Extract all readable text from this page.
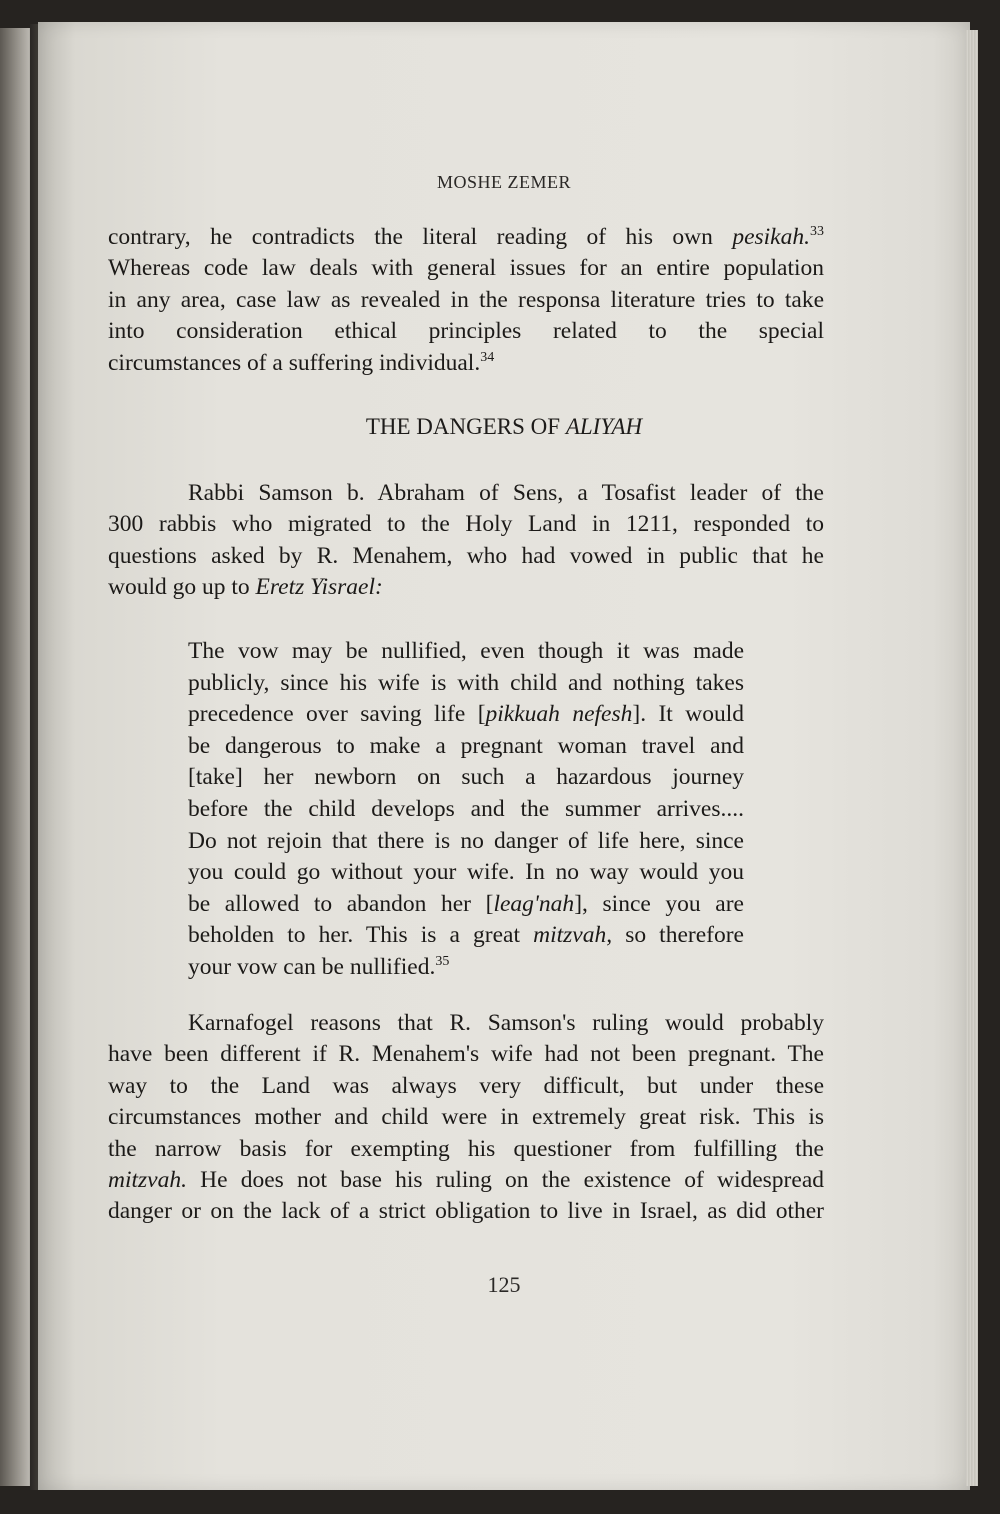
MOSHE ZEMER
contrary, he contradicts the literal reading of his own pesikah.$^{33}$
Whereas code law deals with general issues for an entire population
in any area, case law as revealed in the responsa literature tries to take
into consideration ethical principles related to the special
circumstances of a suffering individual.$^{34}$
THE DANGERS OF ALIYAH
Rabbi Samson b. Abraham of Sens, a Tosafist leader of the
300 rabbis who migrated to the Holy Land in 1211, responded to
questions asked by R. Menahem, who had vowed in public that he
would go up to Eretz Yisrael:
The vow may be nullified, even though it was made
publicly, since his wife is with child and nothing takes
precedence over saving life [pikkuah nefesh]. It would
be dangerous to make a pregnant woman travel and
[take] her newborn on such a hazardous journey
before the child develops and the summer arrives....
Do not rejoin that there is no danger of life here, since
you could go without your wife. In no way would you
be allowed to abandon her [leag'nah], since you are
beholden to her. This is a great mitzvah, so therefore
your vow can be nullified.$^{35}$
Karnafogel reasons that R. Samson's ruling would probably
have been different if R. Menahem's wife had not been pregnant. The
way to the Land was always very difficult, but under these
circumstances mother and child were in extremely great risk. This is
the narrow basis for exempting his questioner from fulfilling the
mitzvah. He does not base his ruling on the existence of widespread
danger or on the lack of a strict obligation to live in Israel, as did other
125
